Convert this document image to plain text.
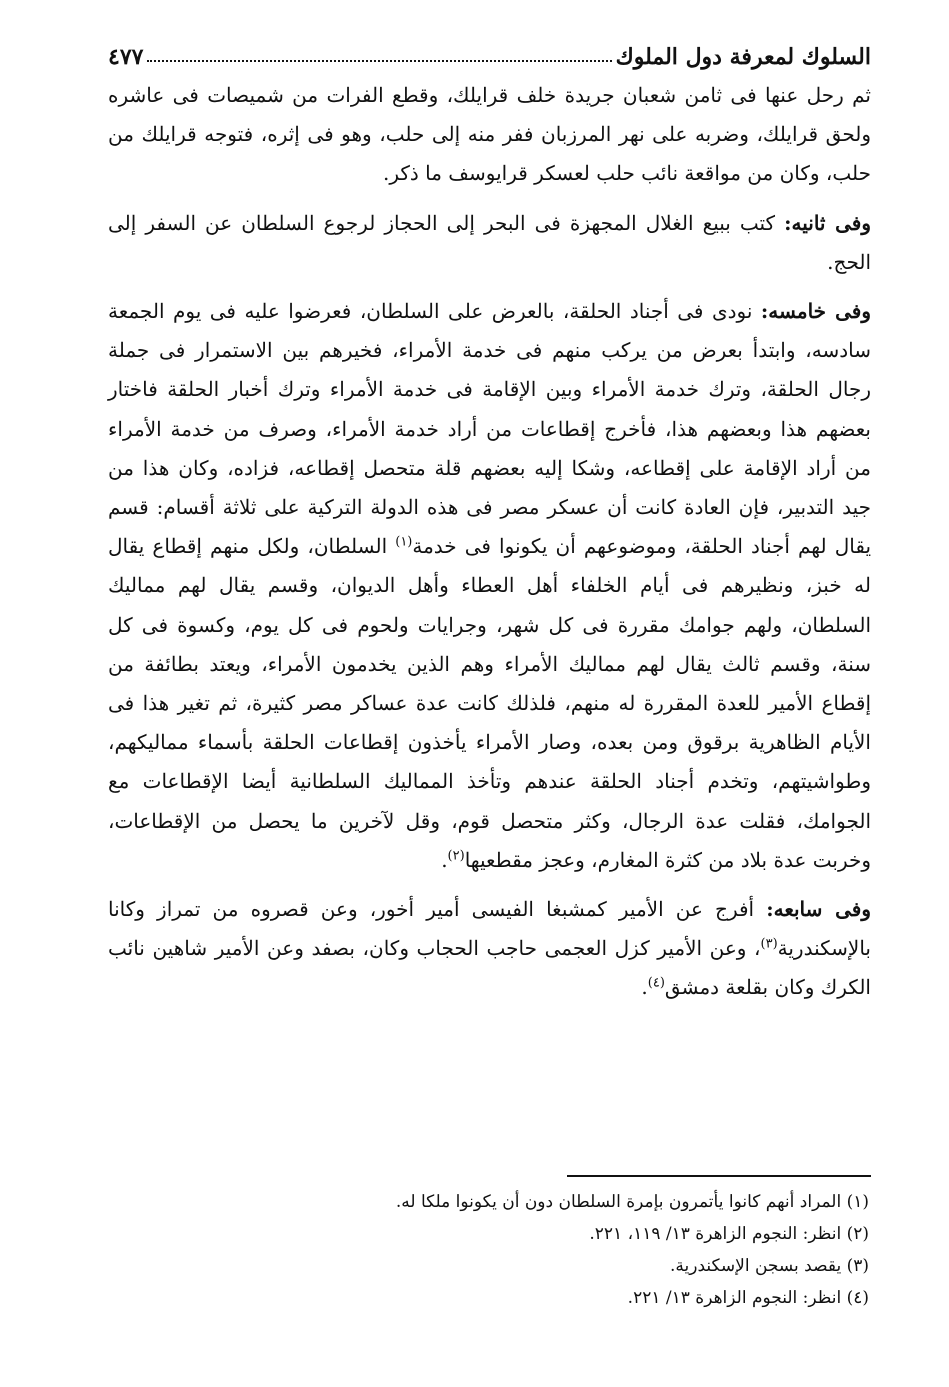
السلوك لمعرفة دول الملوك
٤٧٧

ثم رحل عنها فى ثامن شعبان جريدة خلف قرايلك، وقطع الفرات من شميصات فى عاشره ولحق قرايلك، وضربه على نهر المرزبان ففر منه إلى حلب، وهو فى إثره، فتوجه قرايلك من حلب، وكان من مواقعة نائب حلب لعسكر قرايوسف ما ذكر.

وفى ثانيه: كتب ببيع الغلال المجهزة فى البحر إلى الحجاز لرجوع السلطان عن السفر إلى الحج.

وفى خامسه: نودى فى أجناد الحلقة، بالعرض على السلطان، فعرضوا عليه فى يوم الجمعة سادسه، وابتدأ بعرض من يركب منهم فى خدمة الأمراء، فخيرهم بين الاستمرار فى جملة رجال الحلقة، وترك خدمة الأمراء وبين الإقامة فى خدمة الأمراء وترك أخبار الحلقة فاختار بعضهم هذا وبعضهم هذا، فأخرج إقطاعات من أراد خدمة الأمراء، وصرف من خدمة الأمراء من أراد الإقامة على إقطاعه، وشكا إليه بعضهم قلة متحصل إقطاعه، فزاده، وكان هذا من جيد التدبير، فإن العادة كانت أن عسكر مصر فى هذه الدولة التركية على ثلاثة أقسام: قسم يقال لهم أجناد الحلقة، وموضوعهم أن يكونوا فى خدمة$^{(١)}$ السلطان، ولكل منهم إقطاع يقال له خبز، ونظيرهم فى أيام الخلفاء أهل العطاء وأهل الديوان، وقسم يقال لهم مماليك السلطان، ولهم جوامك مقررة فى كل شهر، وجرايات ولحوم فى كل يوم، وكسوة فى كل سنة، وقسم ثالث يقال لهم مماليك الأمراء وهم الذين يخدمون الأمراء، ويعتد بطائفة من إقطاع الأمير للعدة المقررة له منهم، فلذلك كانت عدة عساكر مصر كثيرة، ثم تغير هذا فى الأيام الظاهرية برقوق ومن بعده، وصار الأمراء يأخذون إقطاعات الحلقة بأسماء مماليكهم، وطواشيتهم، وتخدم أجناد الحلقة عندهم وتأخذ المماليك السلطانية أيضا الإقطاعات مع الجوامك، فقلت عدة الرجال، وكثر متحصل قوم، وقل لآخرين ما يحصل من الإقطاعات، وخربت عدة بلاد من كثرة المغارم، وعجز مقطعيها$^{(٢)}$.

وفى سابعه: أفرج عن الأمير كمشبغا الفيسى أمير أخور، وعن قصروه من تمراز وكانا بالإسكندرية$^{(٣)}$، وعن الأمير كزل العجمى حاجب الحجاب وكان، بصفد وعن الأمير شاهين نائب الكرك وكان بقلعة دمشق$^{(٤)}$.

(١) المراد أنهم كانوا يأتمرون بإمرة السلطان دون أن يكونوا ملكا له.

(٢) انظر: النجوم الزاهرة ١٣/ ١١٩، ٢٢١.

(٣) يقصد بسجن الإسكندرية.

(٤) انظر: النجوم الزاهرة ١٣/ ٢٢١.
